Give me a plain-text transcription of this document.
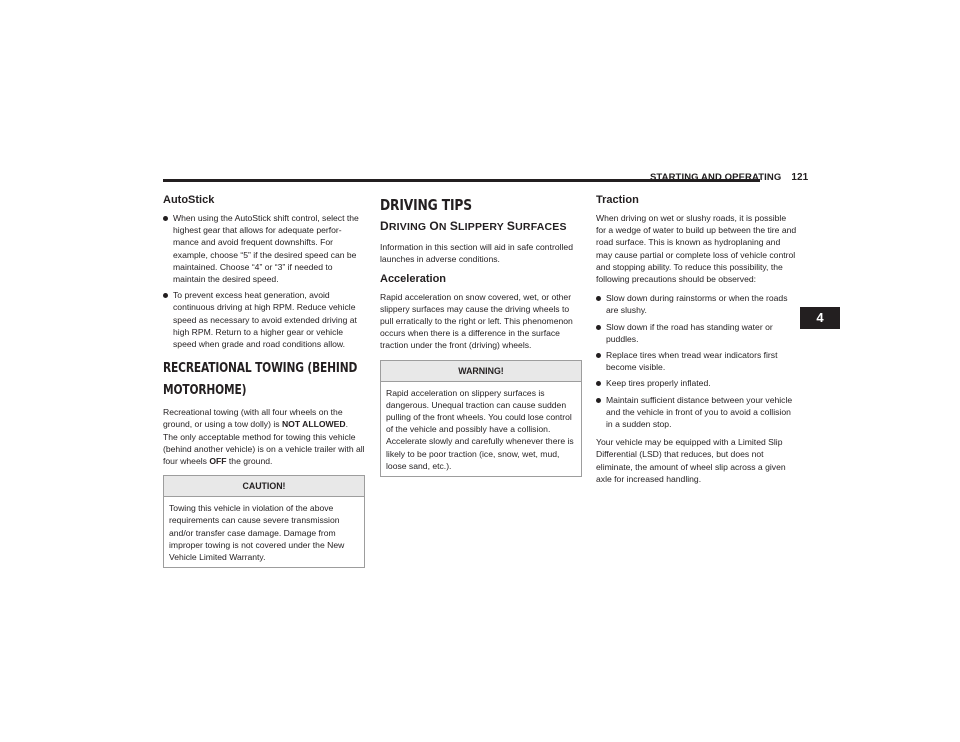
STARTING AND OPERATING 121
4
AutoStick
When using the AutoStick shift control, select the highest gear that allows for adequate perfor-mance and avoid frequent downshifts. For example, choose “5” if the desired speed can be maintained. Choose “4” or “3” if needed to maintain the desired speed.
To prevent excess heat generation, avoid continuous driving at high RPM. Reduce vehicle speed as necessary to avoid extended driving at high RPM. Return to a higher gear or vehicle speed when grade and road conditions allow.
RECREATIONAL TOWING (BEHIND
MOTORHOME)

Recreational towing (with all four wheels on the ground, or using a tow dolly) is NOT ALLOWED. The only acceptable method for towing this vehicle (behind another vehicle) is on a vehicle trailer with all four wheels OFF the ground.

CAUTION!
Towing this vehicle in violation of the above requirements can cause severe transmission and/or transfer case damage. Damage from improper towing is not covered under the New Vehicle Limited Warranty.
DRIVING TIPS
DRIVING ON SLIPPERY SURFACES

Information in this section will aid in safe controlled launches in adverse conditions.

Acceleration

Rapid acceleration on snow covered, wet, or other slippery surfaces may cause the driving wheels to pull erratically to the right or left. This phenomenon occurs when there is a difference in the surface traction under the front (driving) wheels.

WARNING!
Rapid acceleration on slippery surfaces is dangerous. Unequal traction can cause sudden pulling of the front wheels. You could lose control of the vehicle and possibly have a collision. Accelerate slowly and carefully whenever there is likely to be poor traction (ice, snow, wet, mud, loose sand, etc.).
Traction

When driving on wet or slushy roads, it is possible for a wedge of water to build up between the tire and road surface. This is known as hydroplaning and may cause partial or complete loss of vehicle control and stopping ability. To reduce this possibility, the following precautions should be observed:

Slow down during rainstorms or when the roads are slushy.
Slow down if the road has standing water or puddles.
Replace tires when tread wear indicators first become visible.
Keep tires properly inflated.
Maintain sufficient distance between your vehicle and the vehicle in front of you to avoid a collision in a sudden stop.

Your vehicle may be equipped with a Limited Slip Differential (LSD) that reduces, but does not eliminate, the amount of wheel slip across a given axle for increased handling.
